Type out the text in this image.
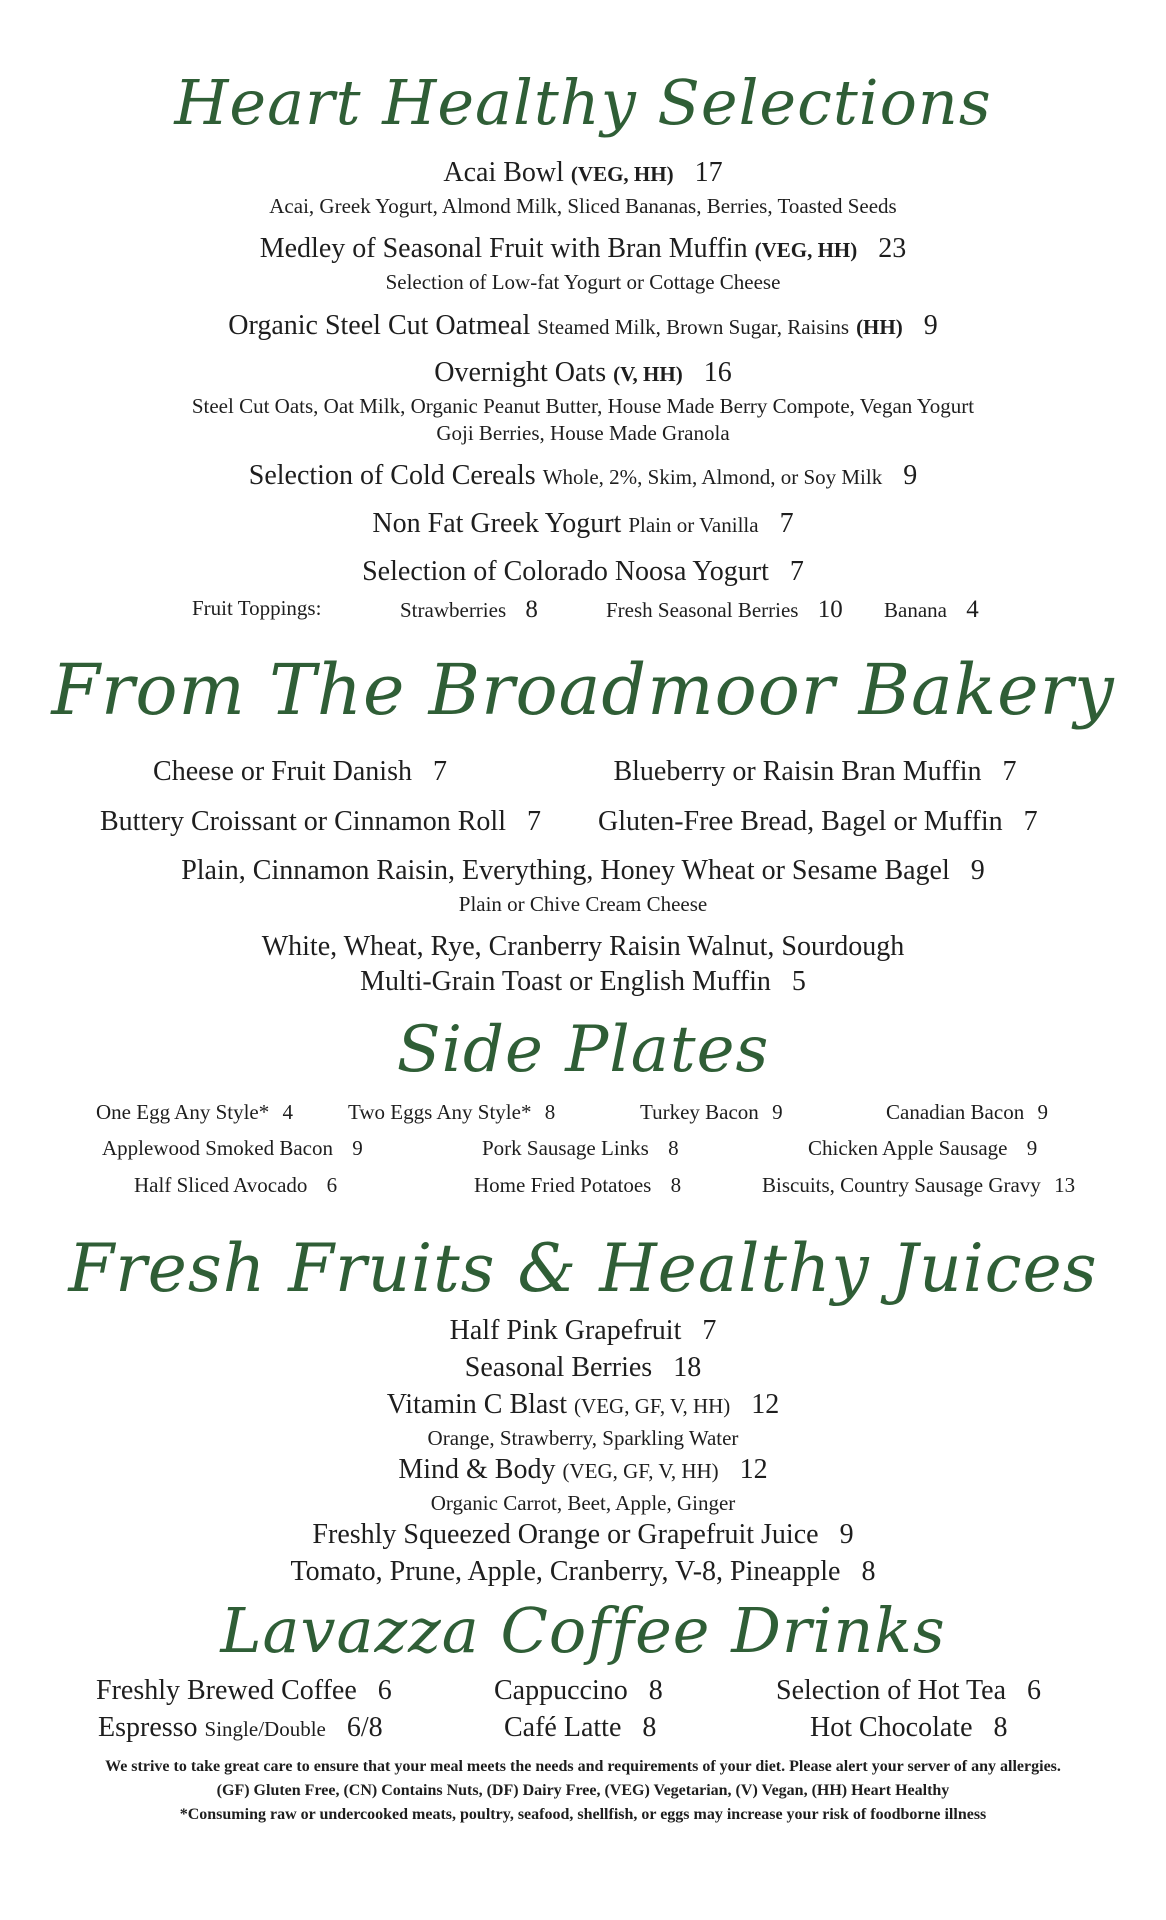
Heart Healthy Selections
Acai Bowl (VEG, HH) 17
Acai, Greek Yogurt, Almond Milk, Sliced Bananas, Berries, Toasted Seeds
Medley of Seasonal Fruit with Bran Muffin (VEG, HH) 23
Selection of Low-fat Yogurt or Cottage Cheese
Organic Steel Cut Oatmeal Steamed Milk, Brown Sugar, Raisins (HH) 9
Overnight Oats (V, HH) 16
Steel Cut Oats, Oat Milk, Organic Peanut Butter, House Made Berry Compote, Vegan Yogurt
Goji Berries, House Made Granola
Selection of Cold Cereals Whole, 2%, Skim, Almond, or Soy Milk 9
Non Fat Greek Yogurt Plain or Vanilla 7
Selection of Colorado Noosa Yogurt 7
Fruit Toppings:	Strawberries 8	Fresh Seasonal Berries 10 Banana 4
From The Broadmoor Bakery
Cheese or Fruit Danish 7	Blueberry or Raisin Bran Muffin 7
Buttery Croissant or Cinnamon Roll 7 Gluten-Free Bread, Bagel or Muffin 7
Plain, Cinnamon Raisin, Everything, Honey Wheat or Sesame Bagel 9
Plain or Chive Cream Cheese
White, Wheat, Rye, Cranberry Raisin Walnut, Sourdough
Multi-Grain Toast or English Muffin 5
Side Plates
One Egg Any Style* 4	Two Eggs Any Style* 8	Turkey Bacon 9	Canadian Bacon 9
Applewood Smoked Bacon 9	Pork Sausage Links 8	Chicken Apple Sausage 9
Half Sliced Avocado 6	Home Fried Potatoes 8	Biscuits, Country Sausage Gravy 13
Fresh Fruits & Healthy Juices
Half Pink Grapefruit 7
Seasonal Berries 18
Vitamin C Blast (VEG, GF, V, HH) 12
Orange, Strawberry, Sparkling Water
Mind & Body (VEG, GF, V, HH) 12
Organic Carrot, Beet, Apple, Ginger
Freshly Squeezed Orange or Grapefruit Juice 9
Tomato, Prune, Apple, Cranberry, V-8, Pineapple 8
Lavazza Coffee Drinks
Freshly Brewed Coffee 6	Cappuccino 8	Selection of Hot Tea 6
Espresso Single/Double 6/8	Café Latte 8	Hot Chocolate 8
We strive to take great care to ensure that your meal meets the needs and requirements of your diet. Please alert your server of any allergies.
(GF) Gluten Free, (CN) Contains Nuts, (DF) Dairy Free, (VEG) Vegetarian, (V) Vegan, (HH) Heart Healthy
*Consuming raw or undercooked meats, poultry, seafood, shellfish, or eggs may increase your risk of foodborne illness
